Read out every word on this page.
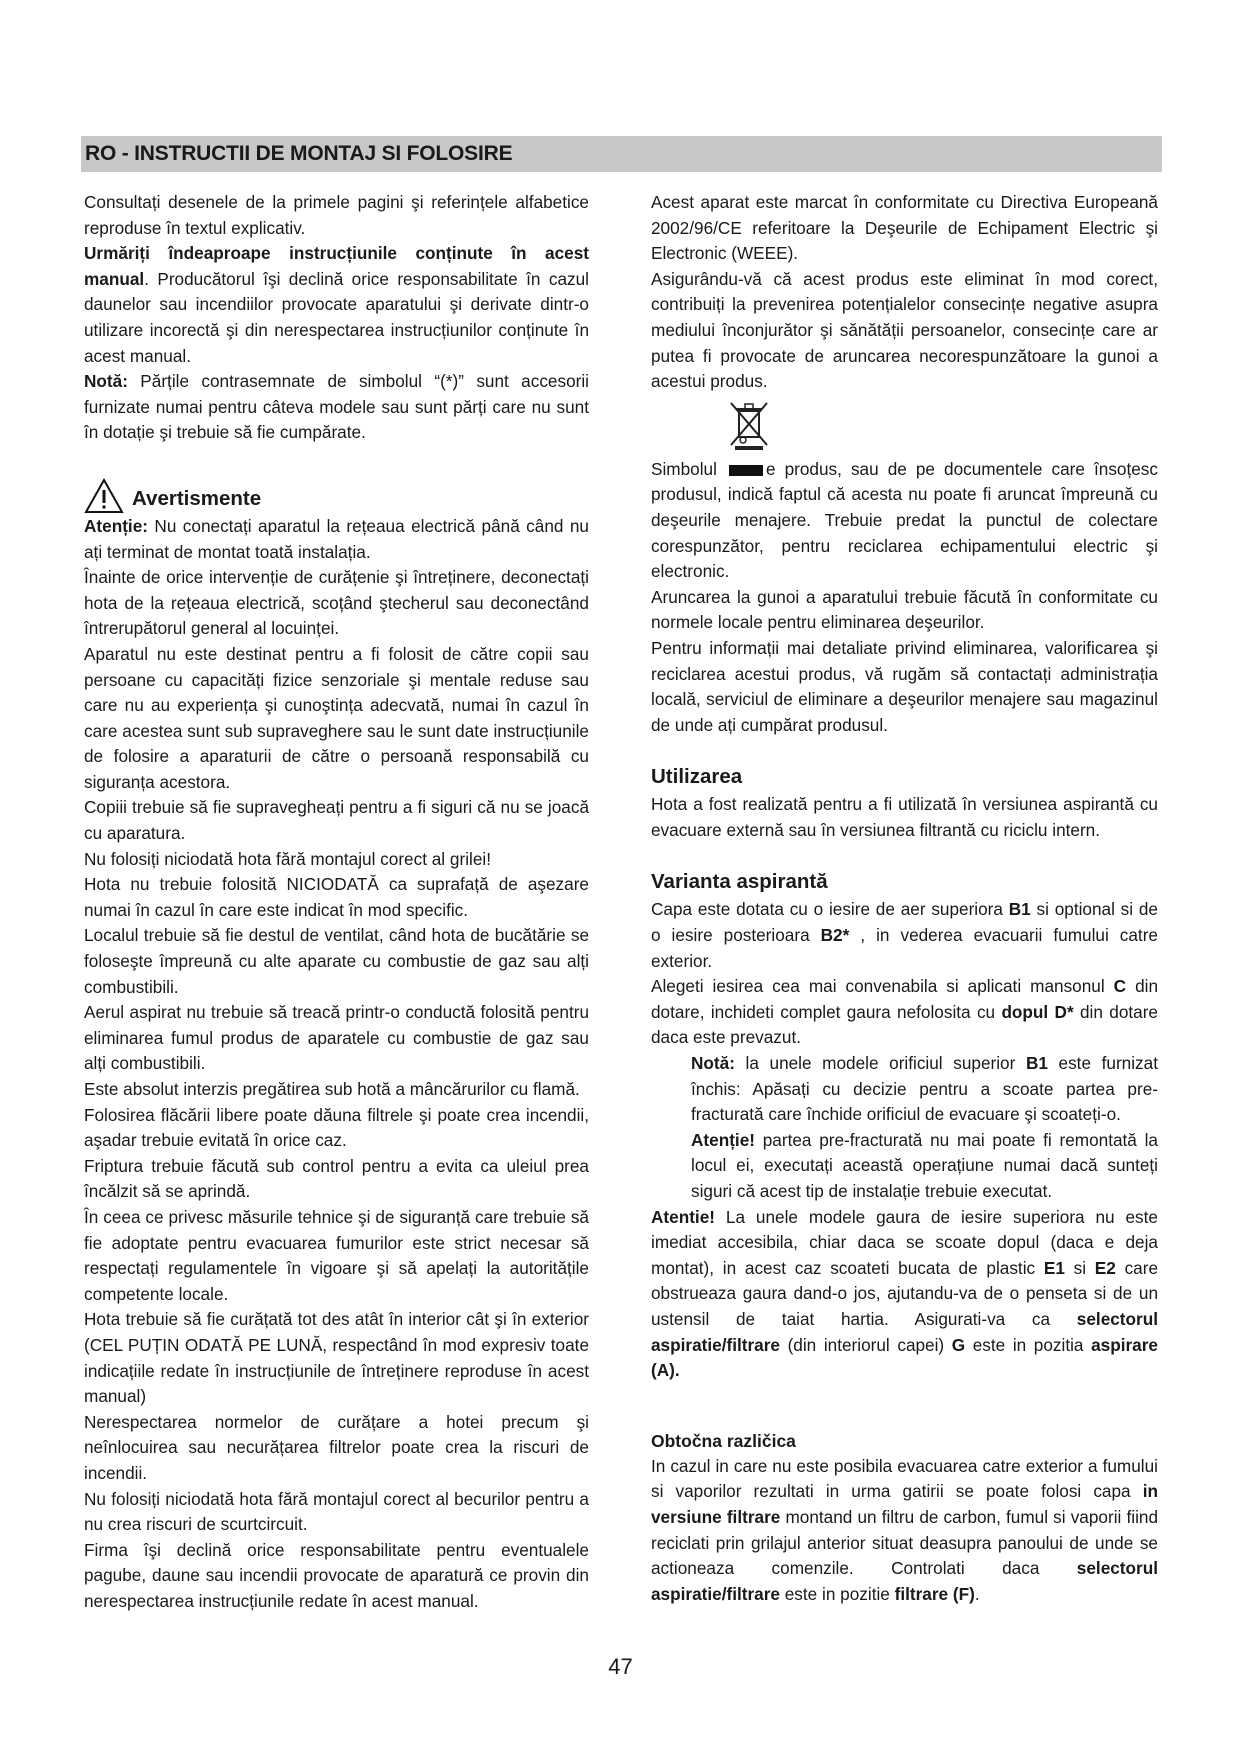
RO - INSTRUCTII DE MONTAJ SI FOLOSIRE

Consultați desenele de la primele pagini şi referințele alfabetice reproduse în textul explicativ.

Urmăriți îndeaproape instrucțiunile conținute în acest manual. Producătorul îşi declină orice responsabilitate în cazul daunelor sau incendiilor provocate aparatului şi derivate dintr-o utilizare incorectă şi din nerespectarea instrucțiunilor conținute în acest manual.

Notă: Părțile contrasemnate de simbolul “(*)” sunt accesorii furnizate numai pentru câteva modele sau sunt părți care nu sunt în dotație şi trebuie să fie cumpărate.

Avertismente

Atenție: Nu conectați aparatul la rețeaua electrică până când nu ați terminat de montat toată instalația.

Înainte de orice intervenție de curățenie şi întreținere, deconectați hota de la rețeaua electrică, scoțând ştecherul sau deconectând întrerupătorul general al locuinței.

Aparatul nu este destinat pentru a fi folosit de către copii sau persoane cu capacități fizice senzoriale şi mentale reduse sau care nu au experiența şi cunoştința adecvată, numai în cazul în care acestea sunt sub supraveghere sau le sunt date instrucțiunile de folosire a aparaturii de către o persoană responsabilă cu siguranța acestora.

Copiii trebuie să fie supravegheați pentru a fi siguri că nu se joacă cu aparatura.

Nu folosiți niciodată hota fără montajul corect al grilei!

Hota nu trebuie folosită NICIODATĂ ca suprafață de aşezare numai în cazul în care este indicat în mod specific.

Localul trebuie să fie destul de ventilat, când hota de bucătărie se foloseşte împreună cu alte aparate cu combustie de gaz sau alți combustibili.

Aerul aspirat nu trebuie să treacă printr-o conductă folosită pentru eliminarea fumul produs de aparatele cu combustie de gaz sau alți combustibili.

Este absolut interzis pregătirea sub hotă a mâncărurilor cu flamă.

Folosirea flăcării libere poate dăuna filtrele şi poate crea incendii, aşadar trebuie evitată în orice caz.

Friptura trebuie făcută sub control pentru a evita ca uleiul prea încălzit să se aprindă.

În ceea ce privesc măsurile tehnice şi de siguranță care trebuie să fie adoptate pentru evacuarea fumurilor este strict necesar să respectați regulamentele în vigoare şi să apelați la autoritățile competente locale.

Hota trebuie să fie curățată tot des atât în interior cât şi în exterior (CEL PUȚIN ODATĂ PE LUNĂ, respectând în mod expresiv toate indicațiile redate în instrucțiunile de întreținere reproduse în acest manual)

Nerespectarea normelor de curățare a hotei precum şi neînlocuirea sau necurățarea filtrelor poate crea la riscuri de incendii.

Nu folosiți niciodată hota fără montajul corect al becurilor pentru a nu crea riscuri de scurtcircuit.

Firma îşi declină orice responsabilitate pentru eventualele pagube, daune sau incendii provocate de aparatură ce provin din nerespectarea instrucțiunile redate în acest manual.

Acest aparat este marcat în conformitate cu Directiva Europeană 2002/96/CE referitoare la Deşeurile de Echipament Electric şi Electronic (WEEE).

Asigurându-vă că acest produs este eliminat în mod corect, contribuiți la prevenirea potențialelor consecințe negative asupra mediului înconjurător şi sănătății persoanelor, consecințe care ar putea fi provocate de aruncarea necorespunzătoare la gunoi a acestui produs.

Simbolul	e produs, sau de pe documentele care însoțesc produsul, indică faptul că acesta nu poate fi aruncat împreună cu deşeurile menajere. Trebuie predat la punctul de colectare corespunzător, pentru reciclarea echipamentului electric şi electronic.

Aruncarea la gunoi a aparatului trebuie făcută în conformitate cu normele locale pentru eliminarea deşeurilor.

Pentru informații mai detaliate privind eliminarea, valorificarea şi reciclarea acestui produs, vă rugăm să contactați administrația locală, serviciul de eliminare a deşeurilor menajere sau magazinul de unde ați cumpărat produsul.

Utilizarea

Hota a fost realizată pentru a fi utilizată în versiunea aspirantă cu evacuare externă sau în versiunea filtrantă cu riciclu intern.

Varianta aspirantă

Capa este dotata cu o iesire de aer superiora B1 si optional si de o iesire posterioara B2* , in vederea evacuarii fumului catre exterior.

Alegeti iesirea cea mai convenabila si aplicati mansonul C din dotare, inchideti complet gaura nefolosita cu dopul D* din dotare daca este prevazut.

Notă: la unele modele orificiul superior B1 este furnizat închis: Apăsați cu decizie pentru a scoate partea pre-fracturată care închide orificiul de evacuare şi scoateți-o.

Atenție! partea pre-fracturată nu mai poate fi remontată la locul ei, executați această operațiune numai dacă sunteți siguri că acest tip de instalație trebuie executat.

Atentie! La unele modele gaura de iesire superiora nu este imediat accesibila, chiar daca se scoate dopul (daca e deja montat), in acest caz scoateti bucata de plastic E1 si E2 care obstrueaza gaura dand-o jos, ajutandu-va de o penseta si de un ustensil de taiat hartia. Asigurati-va ca selectorul aspiratie/filtrare (din interiorul capei) G este in pozitia aspirare (A).

Obtočna različica

In cazul in care nu este posibila evacuarea catre exterior a fumului si vaporilor rezultati in urma gatirii se poate folosi capa in versiune filtrare montand un filtru de carbon, fumul si vaporii fiind reciclati prin grilajul anterior situat deasupra panoului de unde se actioneaza comenzile. Controlati daca selectorul aspiratie/filtrare este in pozitie filtrare (F).

47
